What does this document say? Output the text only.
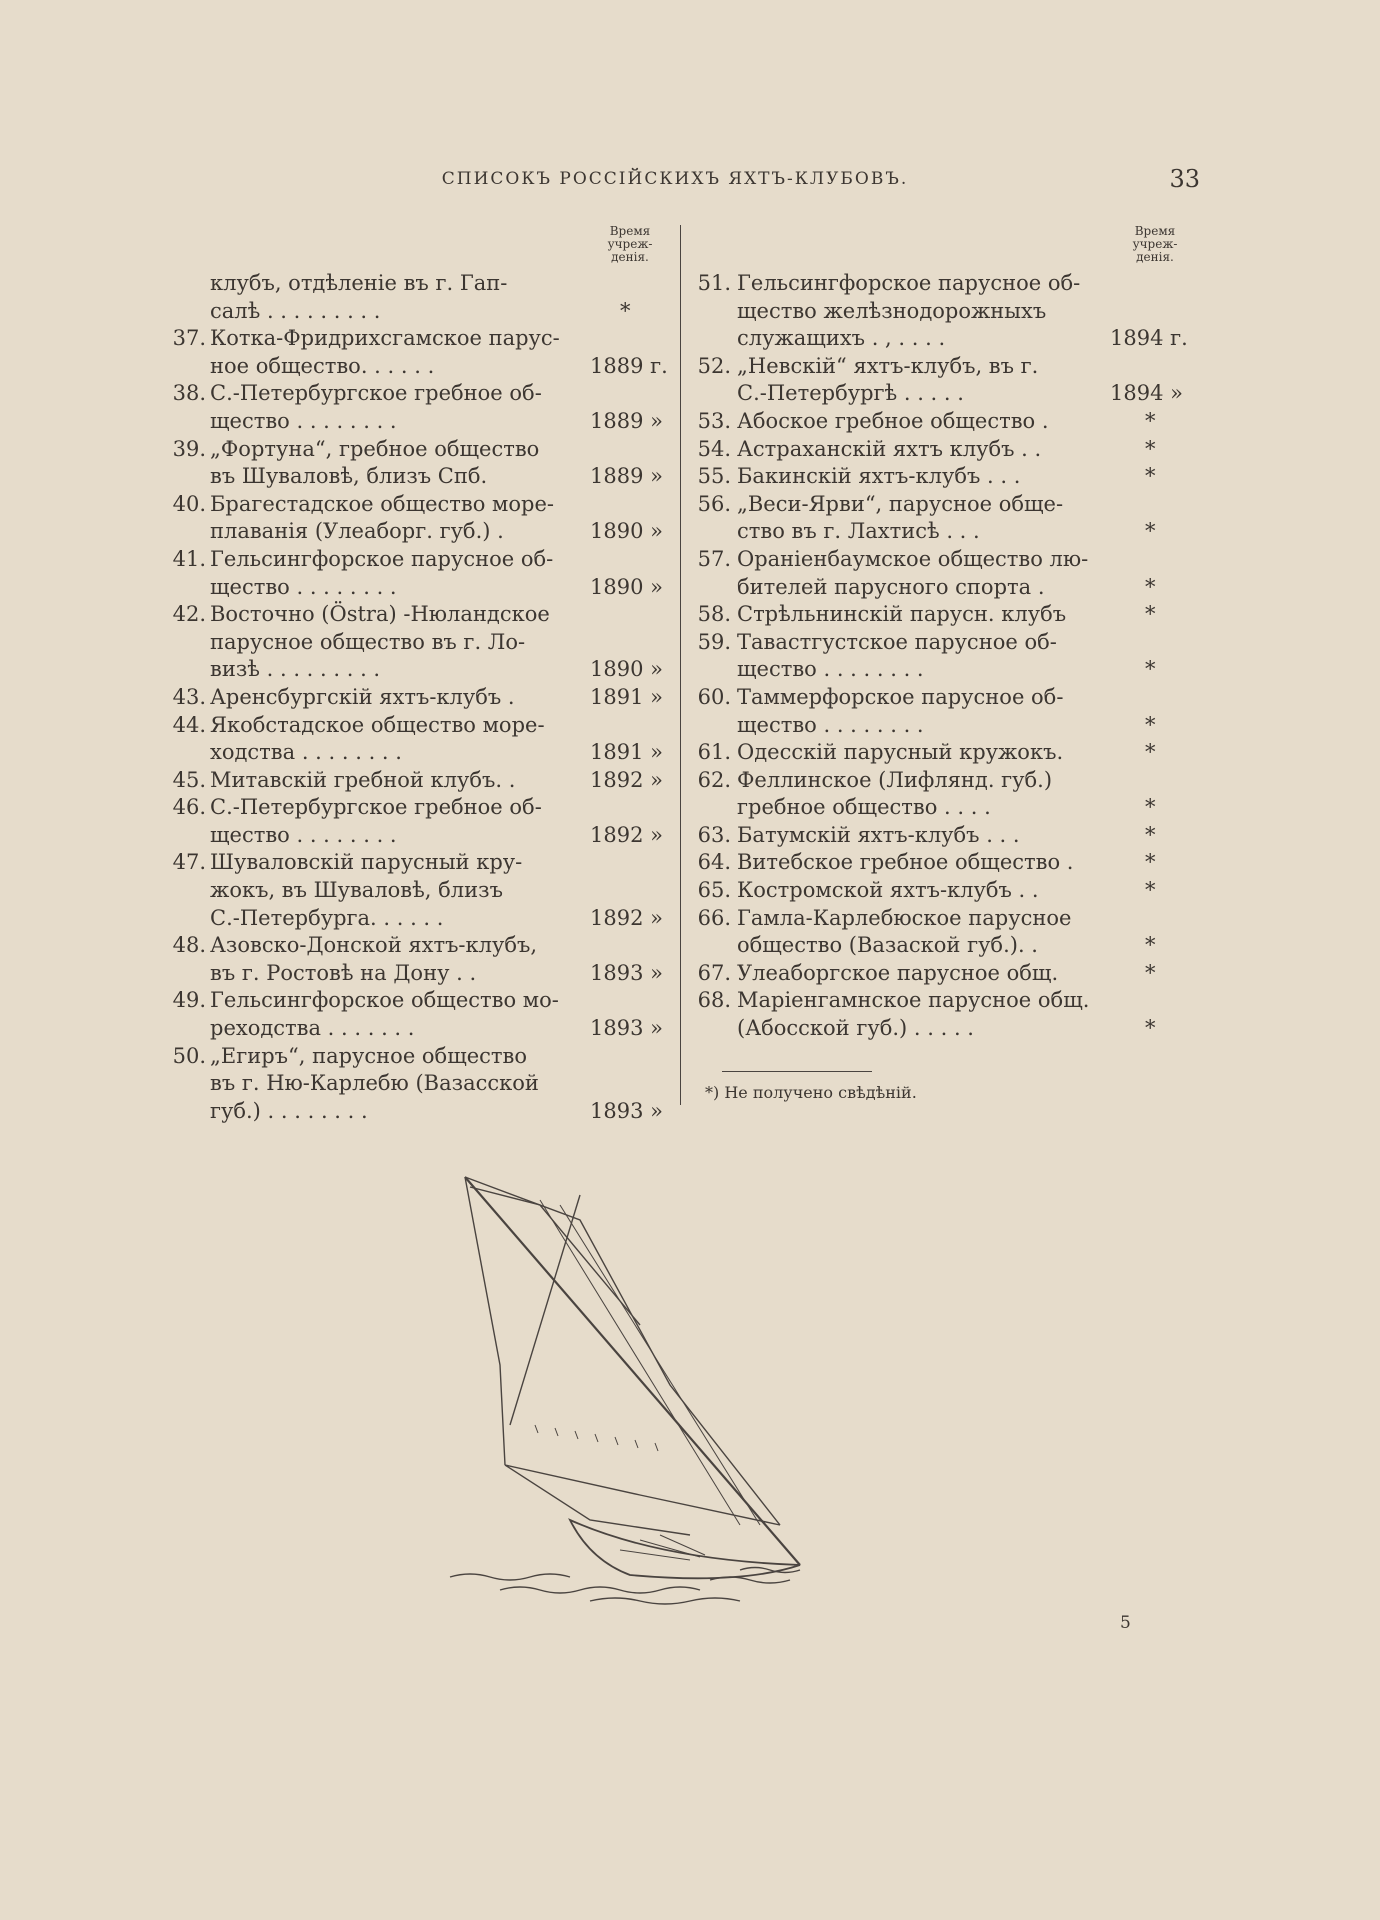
СПИСОКЪ РОССІЙСКИХЪ ЯХТЪ-КЛУБОВЪ.	33
Время
учреж-
денія.
Время
учреж-
денія.
клубъ, отдѣленіе въ г. Гап-
салѣ . . . . . . . . .	*
37. Котка-Фридрихсгамское парус-
ное общество. . . . . .	1889 г.
38. С.-Петербургское гребное об-
щество . . . . . . . .	1889 »
39. „Фортуна“, гребное общество
въ Шуваловѣ, близъ Спб.	1889 »
40. Брагестадское общество море-
плаванія (Улеаборг. губ.) .	1890 »
41. Гельсингфорское парусное об-
щество . . . . . . . .	1890 »
42. Восточно (Östra) -Нюландское
парусное общество въ г. Ло-
визѣ . . . . . . . . .	1890 »
43. Аренсбургскій яхтъ-клубъ .	1891 »
44. Якобстадское общество море-
ходства . . . . . . . .	1891 »
45. Митавскій гребной клубъ. .	1892 »
46. С.-Петербургское гребное об-
щество . . . . . . . .	1892 »
47. Шуваловскій парусный кру-
жокъ, въ Шуваловѣ, близъ
С.-Петербурга. . . . . .	1892 »
48. Азовско-Донской яхтъ-клубъ,
въ г. Ростовѣ на Дону . .	1893 »
49. Гельсингфорское общество мо-
реходства . . . . . . .	1893 »
50. „Егиръ“, парусное общество
въ г. Ню-Карлебю (Вазасской
губ.) . . . . . . . .	1893 »
51. Гельсингфорское парусное об-
щество желѣзнодорожныхъ
служащихъ . , . . . .	1894 г.
52. „Невскій“ яхтъ-клубъ, въ г.
С.-Петербургѣ . . . . .	1894 »
53. Абоское гребное общество .	*
54. Астраханскій яхтъ клубъ . .	*
55. Бакинскій яхтъ-клубъ . . .	*
56. „Веси-Ярви“, парусное обще-
ство въ г. Лахтисѣ . . .	*
57. Ораніенбаумское общество лю-
бителей парусного спорта .	*
58. Стрѣльнинскій парусн. клубъ	*
59. Тавастгустское парусное об-
щество . . . . . . . .	*
60. Таммерфорское парусное об-
щество . . . . . . . .	*
61. Одесскій парусный кружокъ.	*
62. Феллинское (Лифлянд. губ.)
гребное общество . . . .	*
63. Батумскій яхтъ-клубъ . . .	*
64. Витебское гребное общество .	*
65. Костромской яхтъ-клубъ . .	*
66. Гамла-Карлебюское парусное
общество (Вазаской губ.). .	*
67. Улеаборгское парусное общ.	*
68. Маріенгамнское парусное общ.
(Абосской губ.) . . . . .	*
*) Не получено свѣдѣній.
5
